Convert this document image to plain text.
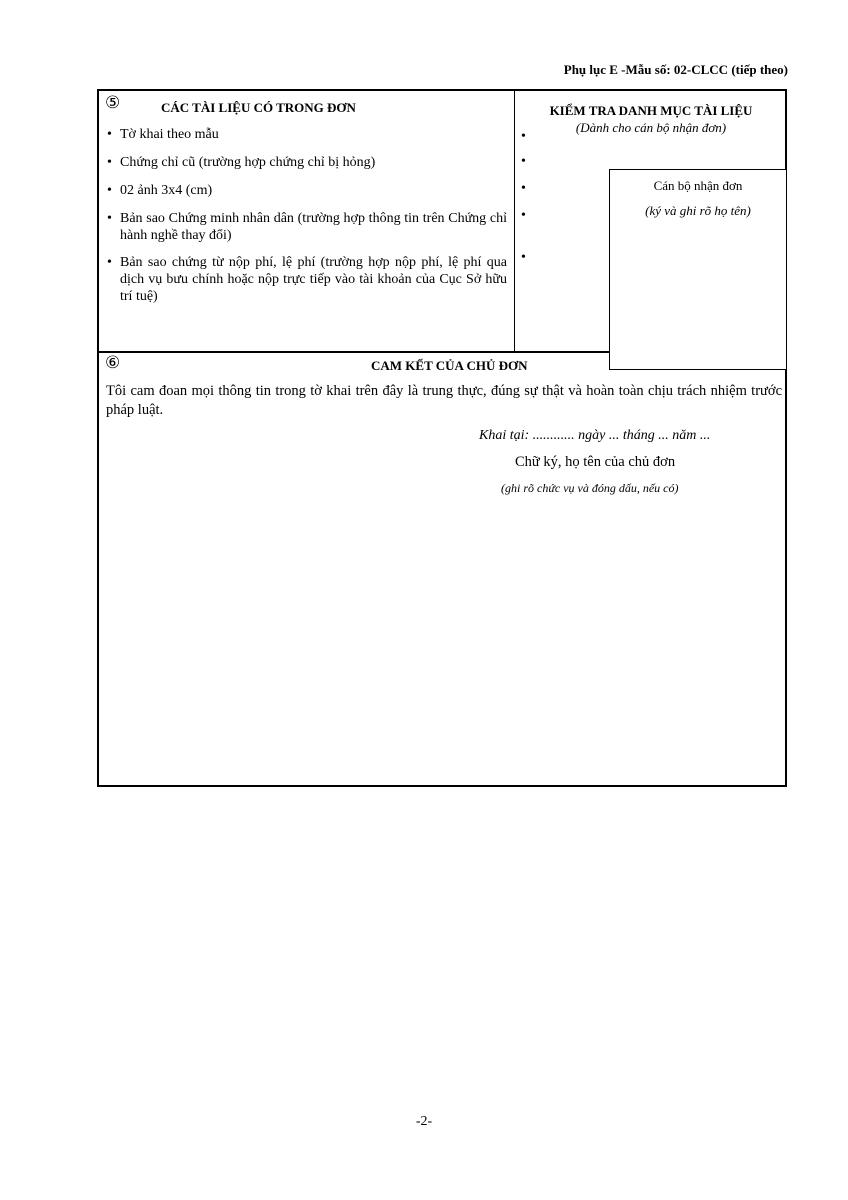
Phụ lục E -Mẫu số: 02-CLCC (tiếp theo)
⑤	CÁC TÀI LIỆU CÓ TRONG ĐƠN
• Tờ khai theo mẫu
• Chứng chỉ cũ (trường hợp chứng chỉ bị hỏng)
• 02 ảnh 3x4 (cm)
• Bản sao Chứng minh nhân dân (trường hợp thông tin trên Chứng chỉ hành nghề thay đổi)
• Bản sao chứng từ nộp phí, lệ phí (trường hợp nộp phí, lệ phí qua dịch vụ bưu chính hoặc nộp trực tiếp vào tài khoản của Cục Sở hữu trí tuệ)
KIỂM TRA DANH MỤC TÀI LIỆU
(Dành cho cán bộ nhận đơn)
•
•
•
•
•
⑥	CAM KẾT CỦA CHỦ ĐƠN
Cán bộ nhận đơn
(ký và ghi rõ họ tên)
Tôi cam đoan mọi thông tin trong tờ khai trên đây là trung thực, đúng sự thật và hoàn toàn chịu trách nhiệm trước pháp luật.
Khai tại: ............ ngày ... tháng ... năm ...
Chữ ký, họ tên của chủ đơn
(ghi rõ chức vụ và đóng dấu, nếu có)
-2-
